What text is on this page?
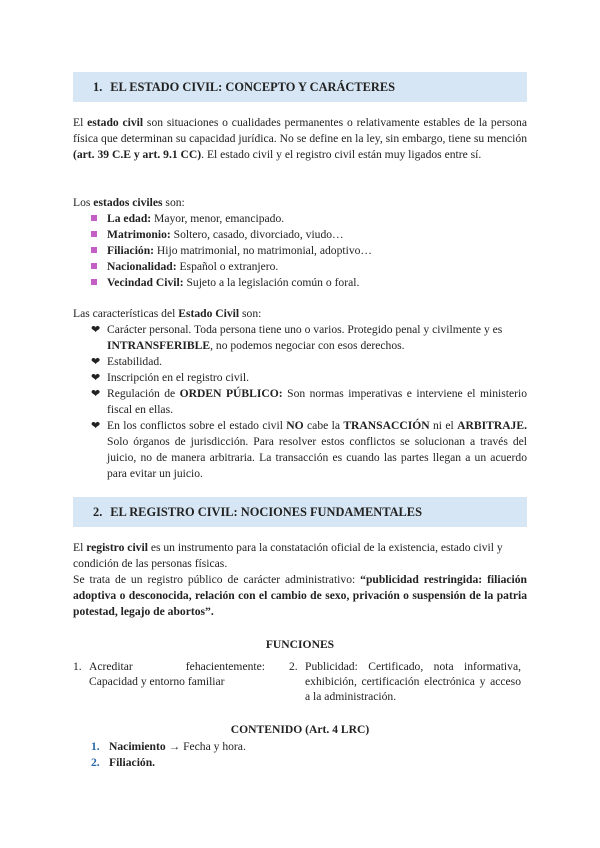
1. EL ESTADO CIVIL: CONCEPTO Y CARÁCTERES
El estado civil son situaciones o cualidades permanentes o relativamente estables de la persona física que determinan su capacidad jurídica. No se define en la ley, sin embargo, tiene su mención (art. 39 C.E y art. 9.1 CC). El estado civil y el registro civil están muy ligados entre sí.
Los estados civiles son:
La edad: Mayor, menor, emancipado.
Matrimonio: Soltero, casado, divorciado, viudo…
Filiación: Hijo matrimonial, no matrimonial, adoptivo…
Nacionalidad: Español o extranjero.
Vecindad Civil: Sujeto a la legislación común o foral.
Las características del Estado Civil son:
❤ Carácter personal. Toda persona tiene uno o varios. Protegido penal y civilmente y es
INTRANSFERIBLE, no podemos negociar con esos derechos.
❤ Estabilidad.
❤ Inscripción en el registro civil.
❤ Regulación de ORDEN PÚBLICO: Son normas imperativas e interviene el ministerio fiscal en ellas.
❤ En los conflictos sobre el estado civil NO cabe la TRANSACCIÓN ni el ARBITRAJE. Solo órganos de jurisdicción. Para resolver estos conflictos se solucionan a través del juicio, no de manera arbitraria. La transacción es cuando las partes llegan a un acuerdo para evitar un juicio.
2. EL REGISTRO CIVIL: NOCIONES FUNDAMENTALES
El registro civil es un instrumento para la constatación oficial de la existencia, estado civil y condición de las personas físicas.
Se trata de un registro público de carácter administrativo: “publicidad restringida: filiación adoptiva o desconocida, relación con el cambio de sexo, privación o suspensión de la patria potestad, legajo de abortos”.
FUNCIONES
1. Acreditar fehacientemente: Capacidad y entorno familiar
2. Publicidad: Certificado, nota informativa, exhibición, certificación electrónica y acceso a la administración.
CONTENIDO (Art. 4 LRC)
1. Nacimiento → Fecha y hora.
2. Filiación.
